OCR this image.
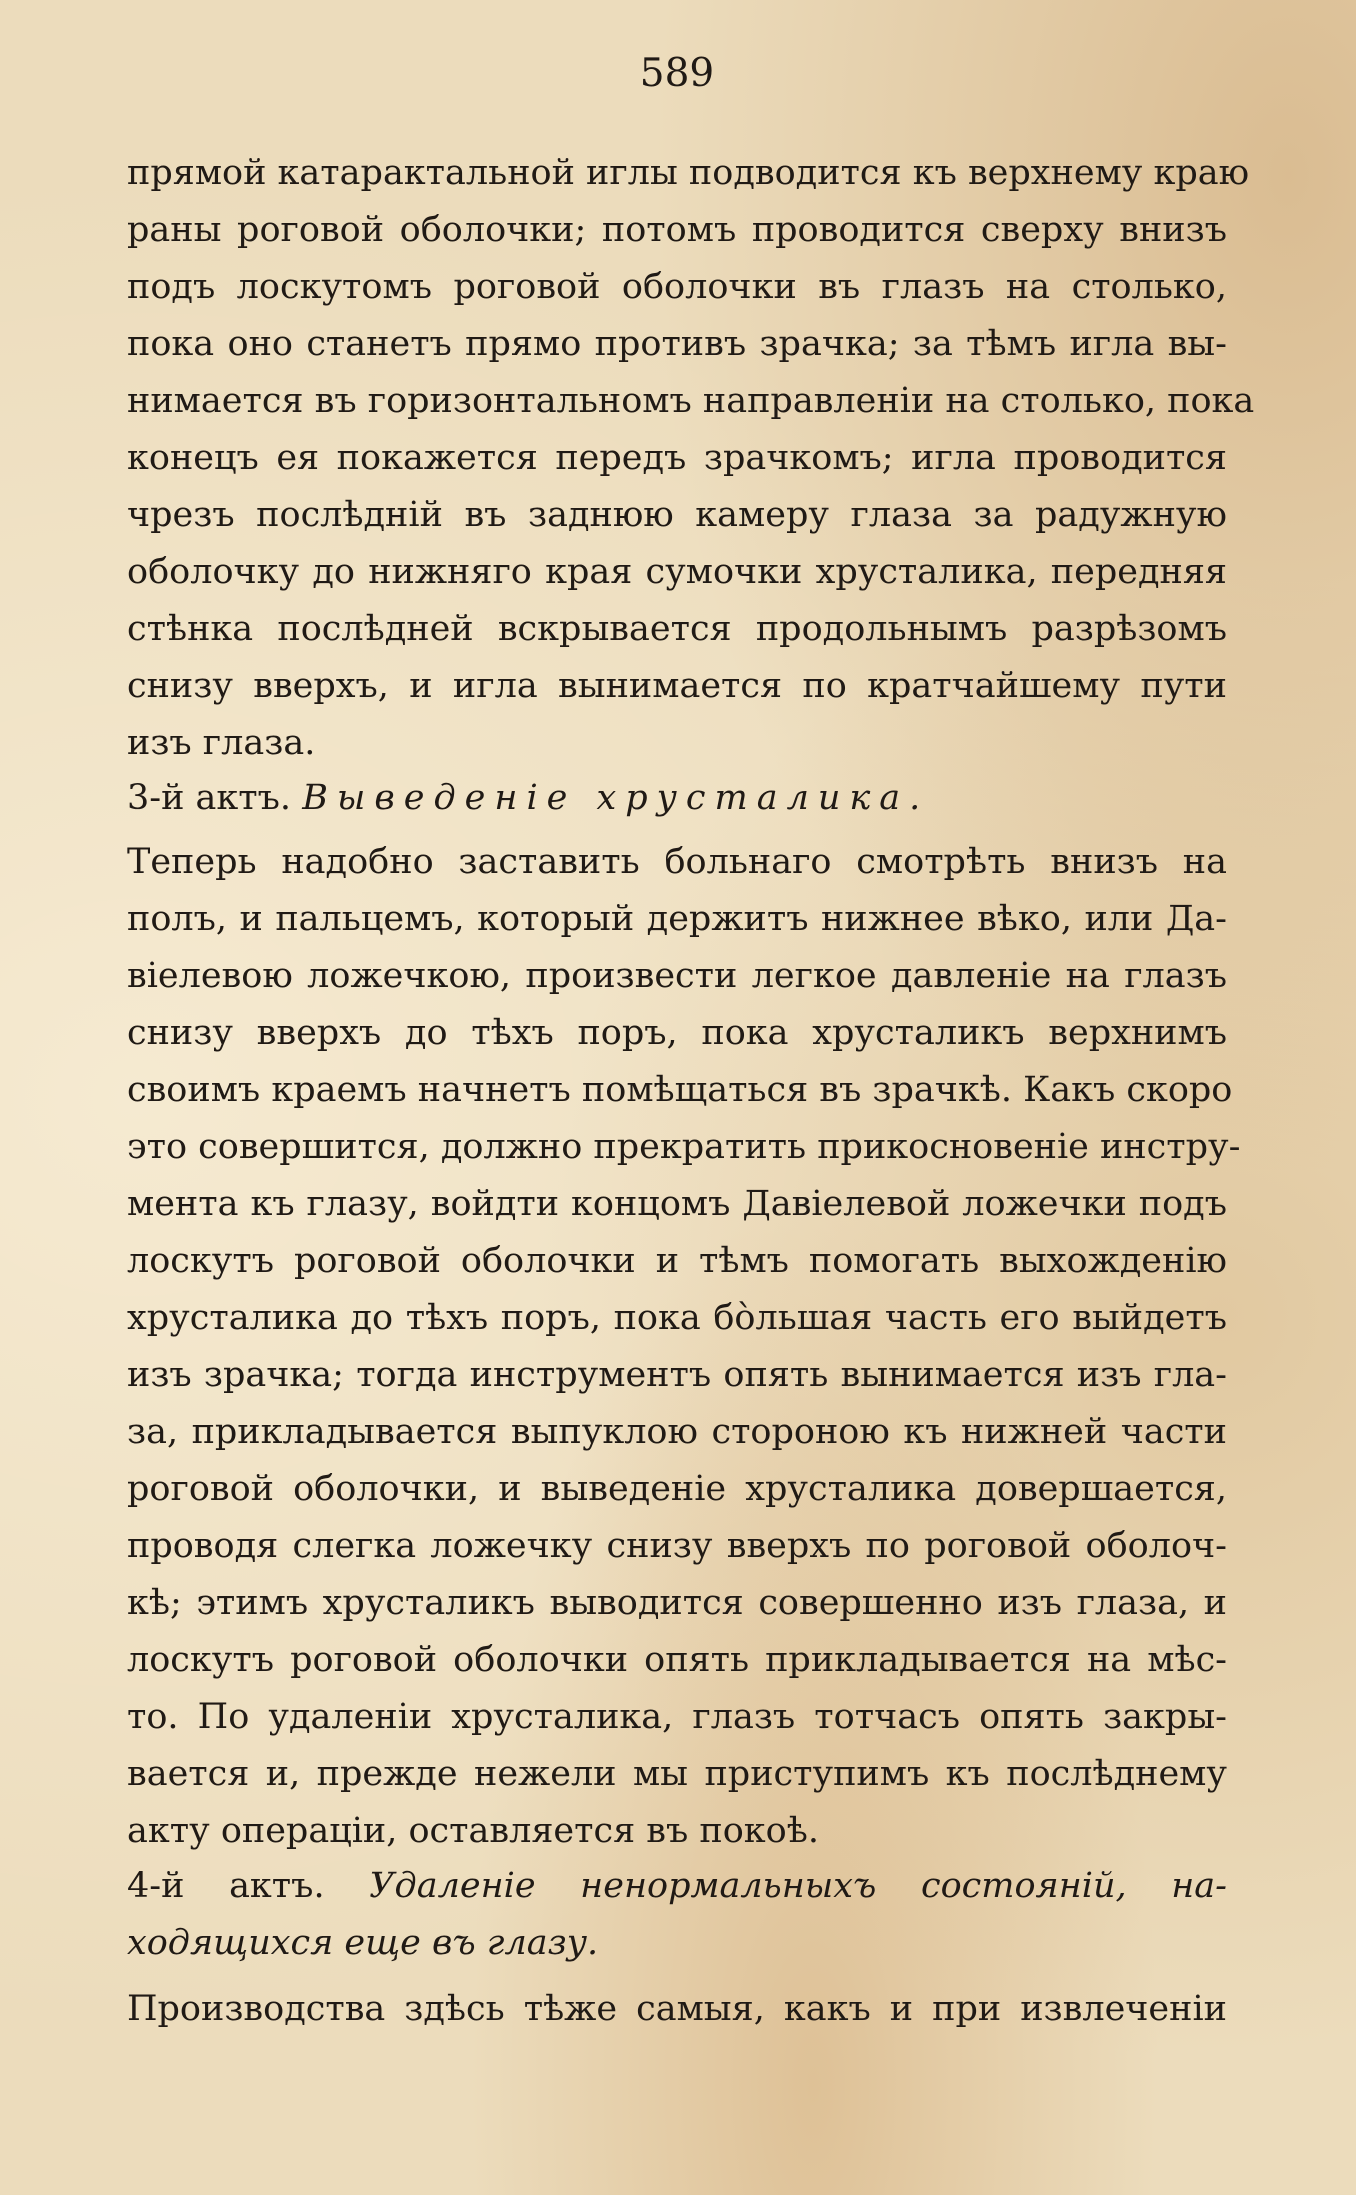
589
прямой катарактальной иглы подводится къ верхнему краю
раны роговой оболочки; потомъ проводится сверху внизъ
подъ лоскутомъ роговой оболочки въ глазъ на столько,
пока оно станетъ прямо противъ зрачка; за тѣмъ игла вы-
нимается въ горизонтальномъ направленіи на столько, пока
конецъ ея покажется передъ зрачкомъ; игла проводится
чрезъ послѣдній въ заднюю камеру глаза за радужную
оболочку до нижняго края сумочки хрусталика, передняя
стѣнка послѣдней вскрывается продольнымъ разрѣзомъ
снизу вверхъ, и игла вынимается по кратчайшему пути
изъ глаза.
3-й актъ. Выведеніе хрусталика.
Теперь надобно заставить больнаго смотрѣть внизъ на
полъ, и пальцемъ, который держитъ нижнее вѣко, или Да-
віелевою ложечкою, произвести легкое давленіе на глазъ
снизу вверхъ до тѣхъ поръ, пока хрусталикъ верхнимъ
своимъ краемъ начнетъ помѣщаться въ зрачкѣ. Какъ скоро
это совершится, должно прекратить прикосновеніе инстру-
мента къ глазу, войдти концомъ Давіелевой ложечки подъ
лоскутъ роговой оболочки и тѣмъ помогать выхожденію
хрусталика до тѣхъ поръ, пока бо̀льшая часть его выйдетъ
изъ зрачка; тогда инструментъ опять вынимается изъ гла-
за, прикладывается выпуклою стороною къ нижней части
роговой оболочки, и выведеніе хрусталика довершается,
проводя слегка ложечку снизу вверхъ по роговой оболоч-
кѣ; этимъ хрусталикъ выводится совершенно изъ глаза, и
лоскутъ роговой оболочки опять прикладывается на мѣс-
то. По удаленіи хрусталика, глазъ тотчасъ опять закры-
вается и, прежде нежели мы приступимъ къ послѣднему
акту операціи, оставляется въ покоѣ.
4-й актъ. Удаленіе ненормальныхъ состояній, на-
ходящихся еще въ глазу.
Производства здѣсь тѣже самыя, какъ и при извлеченіи
